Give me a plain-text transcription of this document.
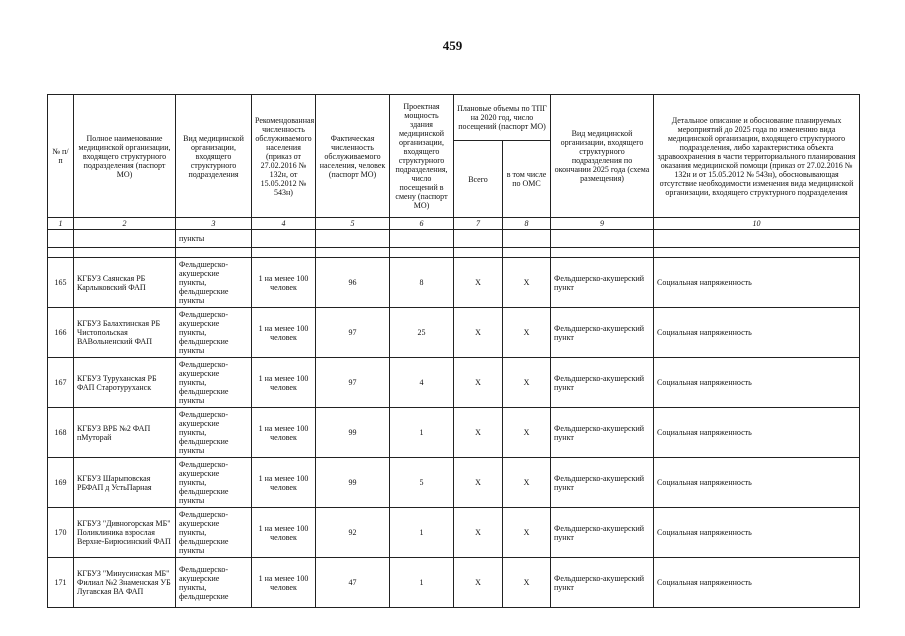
459
№ п/п	Полное наименование медицинской организации, входящего структурного подразделения (паспорт МО)	Вид медицинской организации, входящего структурного подразделения	Рекомендованная численность обслуживаемого населения (приказ от 27.02.2016 № 132н, от 15.05.2012 № 543н)	Фактическая численность обслуживаемого населения, человек (паспорт МО)	Проектная мощность здания медицинской организации, входящего структурного подразделения, число посещений в смену (паспорт МО)	Плановые объемы по ТПГ на 2020 год, число посещений (паспорт МО)		Вид медицинской организации, входящего структурного подразделения по окончании 2025 года (схема размещения)	Детальное описание и обоснование планируемых мероприятий до 2025 года по изменению вида медицинской организации, входящего структурного подразделения, либо характеристика объекта здравоохранения в части территориального планирования оказания медицинской помощи (приказ от 27.02.2016 № 132н и от 15.05.2012 № 543н), обосновывающая отсутствие необходимости изменения вида медицинской организации, входящего структурного подразделения
						Всего	в том числе по ОМС		
1	2	3	4	5	6	7	8	9	10
		пункты							

165	КГБУЗ Саянская РБ Карлыковский ФАП	Фельдшерско-акушерские пункты, фельдшерские пункты	1 на менее 100 человек	96	8	Х	Х	Фельдшерско-акушерский пункт	Социальная напряженность
166	КГБУЗ Балахтинская РБ Чистопольская ВАВольненский ФАП	Фельдшерско-акушерские пункты, фельдшерские пункты	1 на менее 100 человек	97	25	Х	Х	Фельдшерско-акушерский пункт	Социальная напряженность
167	КГБУЗ Туруханская РБ ФАП Старотуруханск	Фельдшерско-акушерские пункты, фельдшерские пункты	1 на менее 100 человек	97	4	Х	Х	Фельдшерско-акушерский пункт	Социальная напряженность
168	КГБУЗ ВРБ №2 ФАП пМуторай	Фельдшерско-акушерские пункты, фельдшерские пункты	1 на менее 100 человек	99	1	Х	Х	Фельдшерско-акушерский пункт	Социальная напряженность
169	КГБУЗ Шарыповская РБФАП д УстьПарная	Фельдшерско-акушерские пункты, фельдшерские пункты	1 на менее 100 человек	99	5	Х	Х	Фельдшерско-акушерский пункт	Социальная напряженность
170	КГБУЗ "Дивногорская МБ" Поликлиника взрослая Верхне-Бирюсинский ФАП	Фельдшерско-акушерские пункты, фельдшерские пункты	1 на менее 100 человек	92	1	Х	Х	Фельдшерско-акушерский пункт	Социальная напряженность
171	КГБУЗ "Минусинская МБ" Филиал №2 Знаменская УБ Лугавская ВА ФАП	Фельдшерско-акушерские пункты, фельдшерские	1 на менее 100 человек	47	1	Х	Х	Фельдшерско-акушерский пункт	Социальная напряженность
